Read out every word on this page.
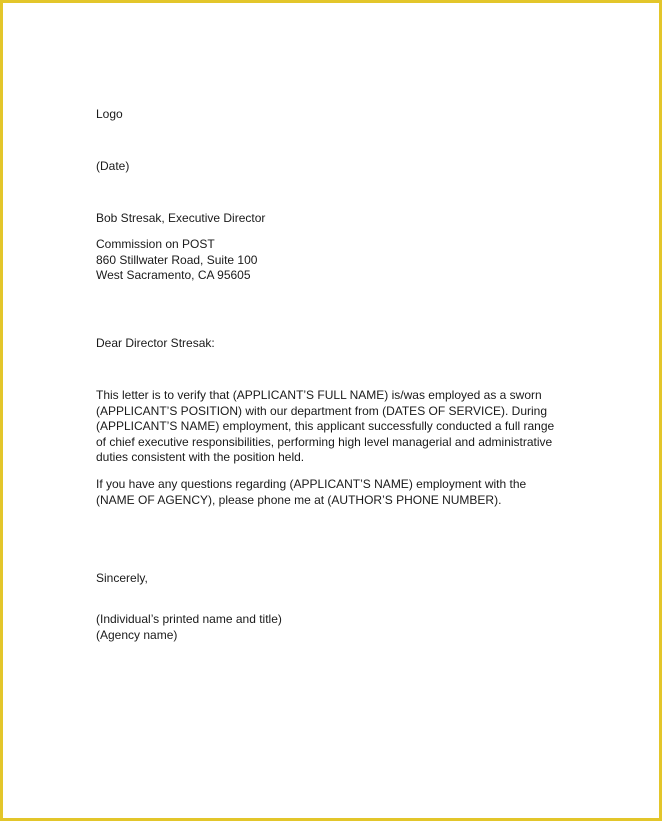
Logo
(Date)
Bob Stresak, Executive Director
Commission on POST
860 Stillwater Road, Suite 100
West Sacramento, CA 95605
Dear Director Stresak:
This letter is to verify that (APPLICANT’S FULL NAME) is/was employed as a sworn
(APPLICANT’S POSITION) with our department from (DATES OF SERVICE). During
(APPLICANT’S NAME) employment, this applicant successfully conducted a full range
of chief executive responsibilities, performing high level managerial and administrative
duties consistent with the position held.
If you have any questions regarding (APPLICANT’S NAME) employment with the
(NAME OF AGENCY), please phone me at (AUTHOR’S PHONE NUMBER).
Sincerely,
(Individual’s printed name and title)
(Agency name)
